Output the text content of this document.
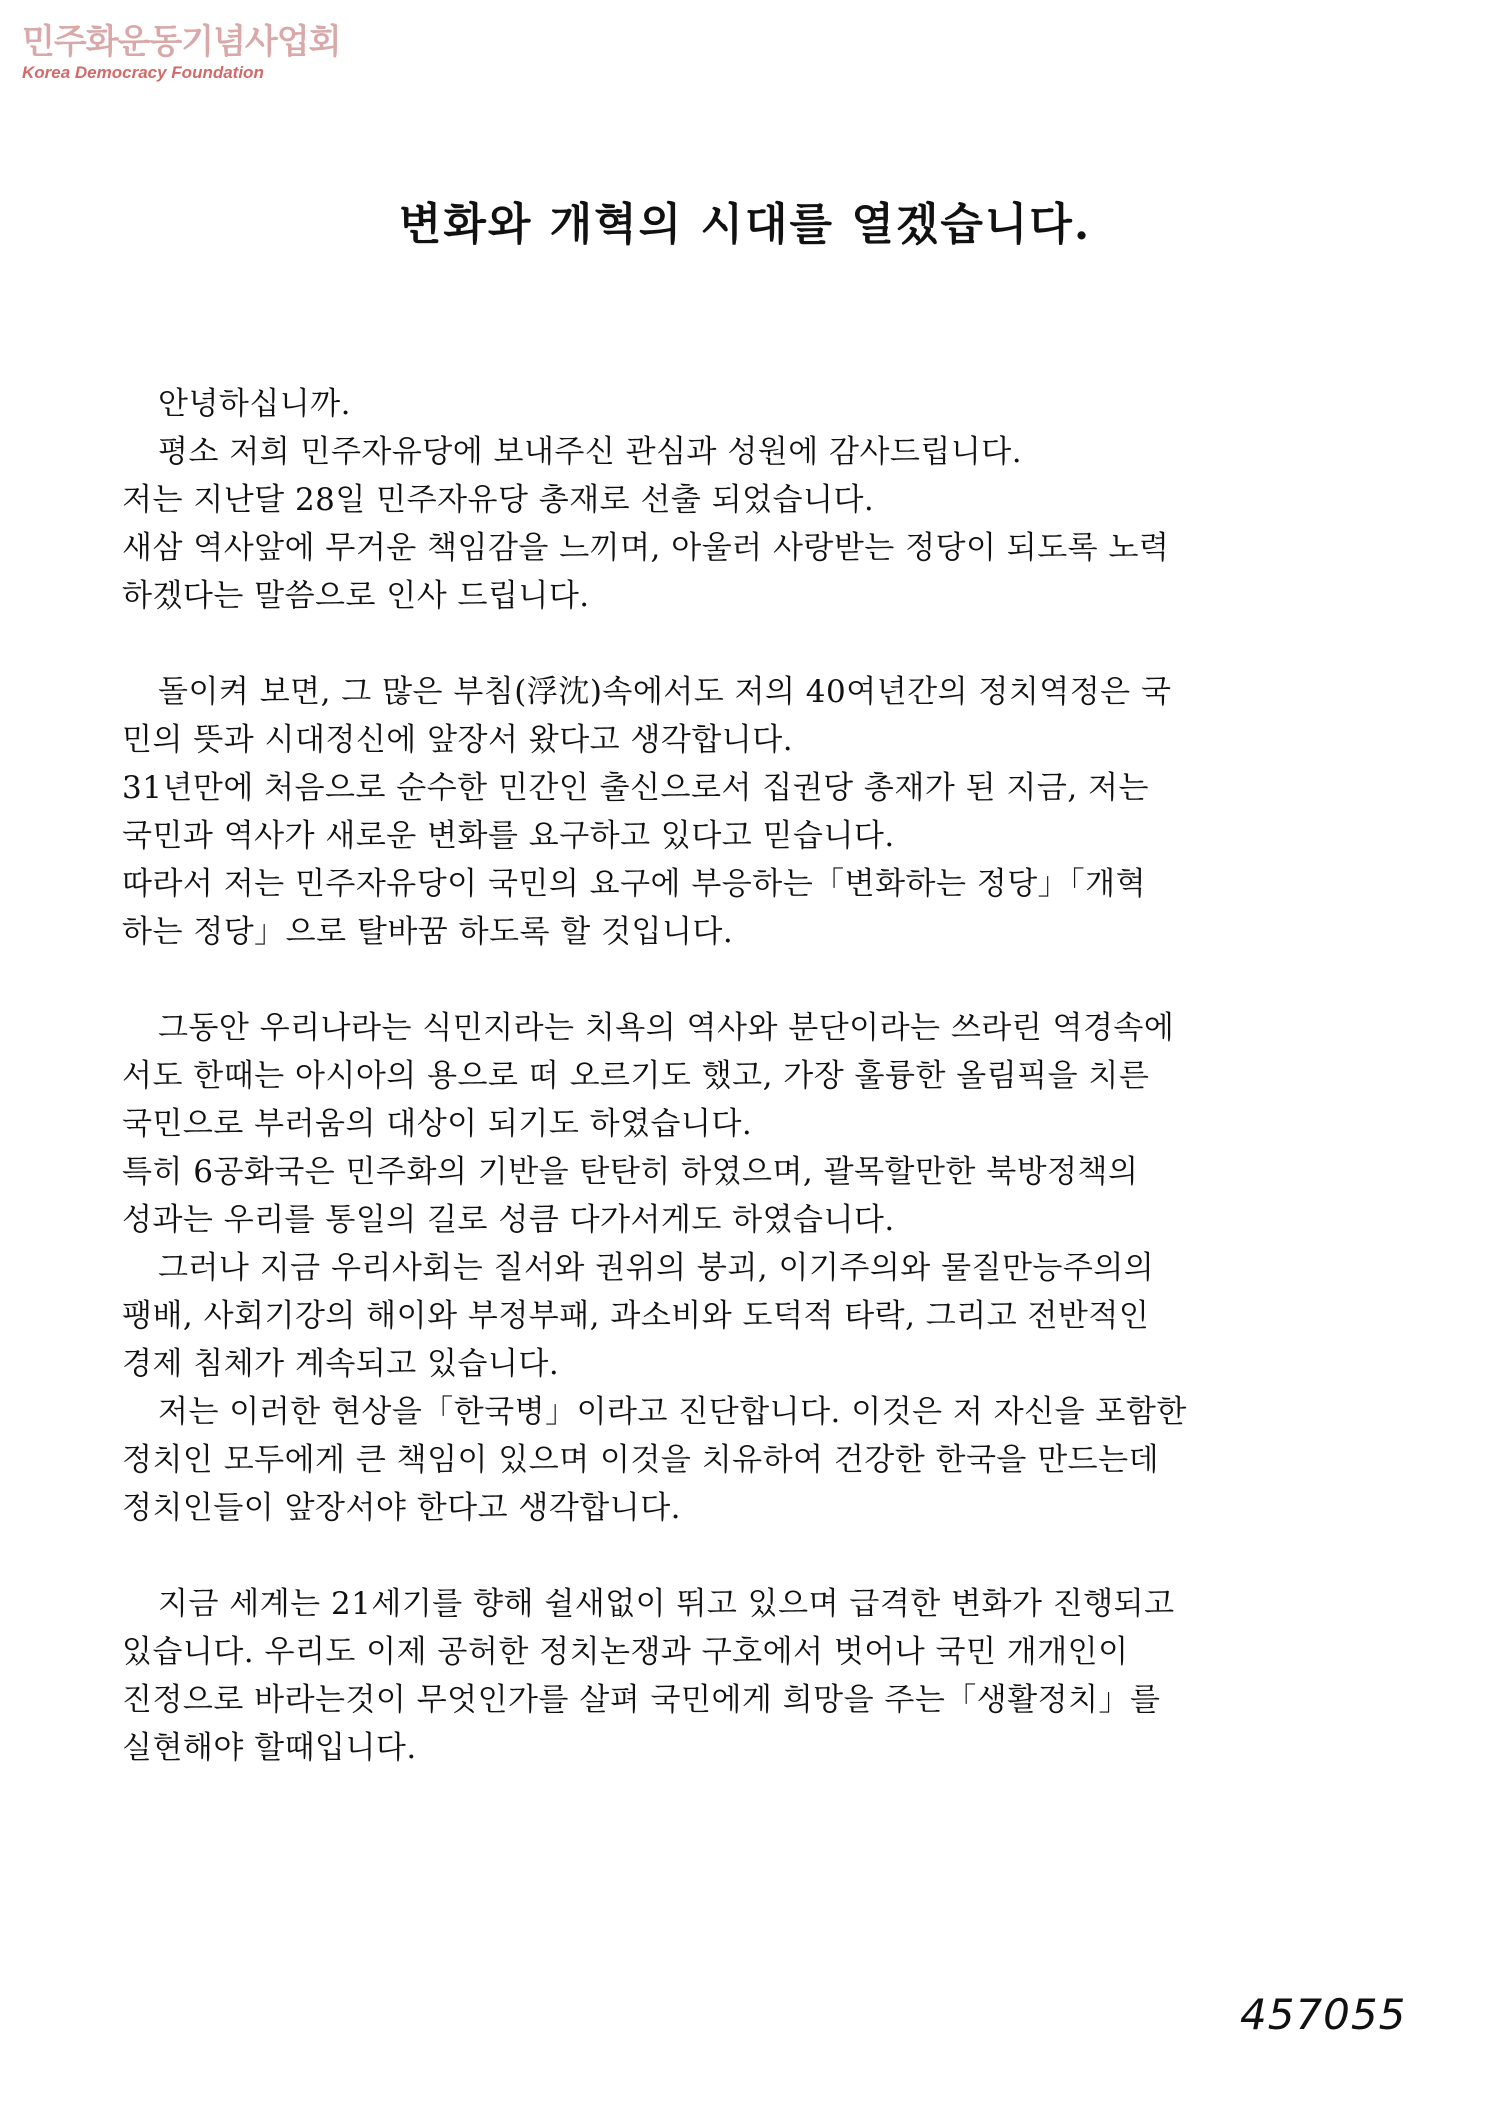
민주화운동기념사업회
Korea Democracy Foundation
변화와 개혁의 시대를 열겠습니다.
안녕하십니까.
평소 저희 민주자유당에 보내주신 관심과 성원에 감사드립니다.
저는 지난달 28일 민주자유당 총재로 선출 되었습니다.
새삼 역사앞에 무거운 책임감을 느끼며, 아울러 사랑받는 정당이 되도록 노력
하겠다는 말씀으로 인사 드립니다.
돌이켜 보면, 그 많은 부침(浮沈)속에서도 저의 40여년간의 정치역정은 국
민의 뜻과 시대정신에 앞장서 왔다고 생각합니다.
31년만에 처음으로 순수한 민간인 출신으로서 집권당 총재가 된 지금, 저는
국민과 역사가 새로운 변화를 요구하고 있다고 믿습니다.
따라서 저는 민주자유당이 국민의 요구에 부응하는「변화하는 정당」「개혁
하는 정당」으로 탈바꿈 하도록 할 것입니다.
그동안 우리나라는 식민지라는 치욕의 역사와 분단이라는 쓰라린 역경속에
서도 한때는 아시아의 용으로 떠 오르기도 했고, 가장 훌륭한 올림픽을 치른
국민으로 부러움의 대상이 되기도 하였습니다.
특히 6공화국은 민주화의 기반을 탄탄히 하였으며, 괄목할만한 북방정책의
성과는 우리를 통일의 길로 성큼 다가서게도 하였습니다.
그러나 지금 우리사회는 질서와 권위의 붕괴, 이기주의와 물질만능주의의
팽배, 사회기강의 해이와 부정부패, 과소비와 도덕적 타락, 그리고 전반적인
경제 침체가 계속되고 있습니다.
저는 이러한 현상을「한국병」이라고 진단합니다. 이것은 저 자신을 포함한
정치인 모두에게 큰 책임이 있으며 이것을 치유하여 건강한 한국을 만드는데
정치인들이 앞장서야 한다고 생각합니다.
지금 세계는 21세기를 향해 쉴새없이 뛰고 있으며 급격한 변화가 진행되고
있습니다. 우리도 이제 공허한 정치논쟁과 구호에서 벗어나 국민 개개인이
진정으로 바라는것이 무엇인가를 살펴 국민에게 희망을 주는「생활정치」를
실현해야 할때입니다.
457055
